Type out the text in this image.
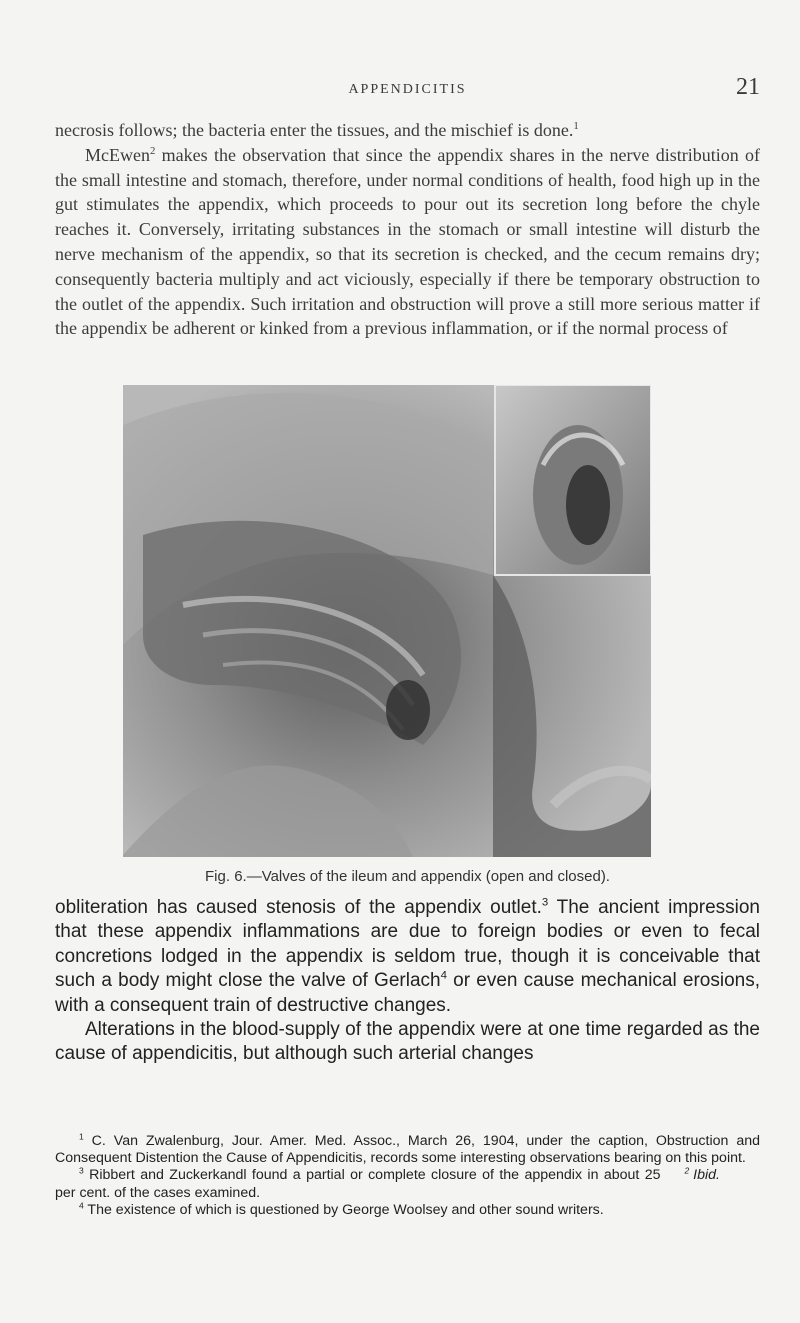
APPENDICITIS	21

necrosis follows; the bacteria enter the tissues, and the mischief is done.$^1$

McEwen$^2$ makes the observation that since the appendix shares in the nerve distribution of the small intestine and stomach, therefore, under normal conditions of health, food high up in the gut stimulates the appendix, which proceeds to pour out its secretion long before the chyle reaches it. Conversely, irritating substances in the stomach or small intestine will disturb the nerve mechanism of the appendix, so that its secretion is checked, and the cecum remains dry; consequently bacteria multiply and act viciously, especially if there be temporary obstruction to the outlet of the appendix. Such irritation and obstruction will prove a still more serious matter if the appendix be adherent or kinked from a previous inflammation, or if the normal process of

Fig. 6.—Valves of the ileum and appendix (open and closed).

obliteration has caused stenosis of the appendix outlet.$^3$ The ancient impression that these appendix inflammations are due to foreign bodies or even to fecal concretions lodged in the appendix is seldom true, though it is conceivable that such a body might close the valve of Gerlach$^4$ or even cause mechanical erosions, with a consequent train of destructive changes.

Alterations in the blood-supply of the appendix were at one time regarded as the cause of appendicitis, but although such arterial changes

$^1$ C. Van Zwalenburg, Jour. Amer. Med. Assoc., March 26, 1904, under the caption, Obstruction and Consequent Distention the Cause of Appendicitis, records some interesting observations bearing on this point.
$^2$ Ibid.

$^3$ Ribbert and Zuckerkandl found a partial or complete closure of the appendix in about 25 per cent. of the cases examined.

$^4$ The existence of which is questioned by George Woolsey and other sound writers.
